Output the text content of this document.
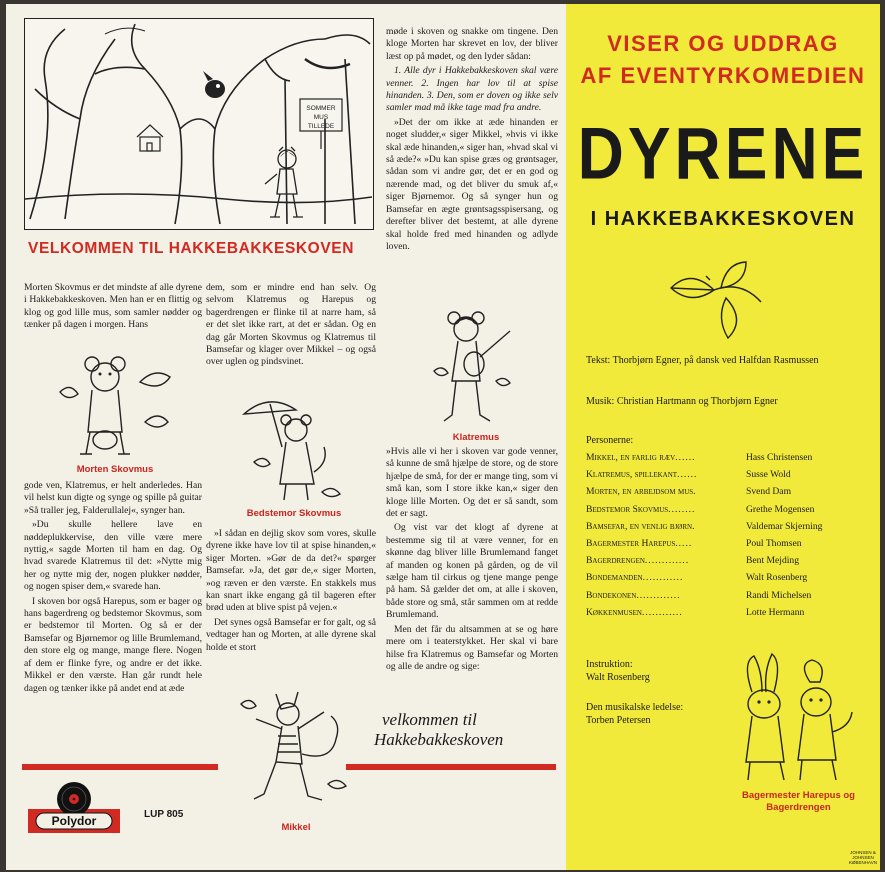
SOMMER
MUS
TILLEDE
VELKOMMEN TIL HAKKEBAKKESKOVEN

Morten Skovmus er det mindste af alle dyrene i Hakkebakkeskoven. Men han er en flittig og klog og god lille mus, som samler nødder og tænker på dagen i morgen. Hans

Morten Skovmus

gode ven, Klatremus, er helt anderledes. Han vil helst kun digte og synge og spille på guitar »Så traller jeg, Falderullalej«, synger han.

»Du skulle hellere lave en nøddeplukkervise, den ville være mere nyttig,« sagde Morten til ham en dag. Og hvad svarede Klatremus til det: »Nytte mig her og nytte mig der, nogen plukker nødder, og nogen spiser dem,« svarede han.

I skoven bor også Harepus, som er bager og hans bagerdreng og bedstemor Skovmus, som er bedstemor til Morten. Og så er der Bamsefar og Bjørnemor og lille Brumlemand, den store elg og mange, mange flere. Nogen af dem er flinke fyre, og andre er det ikke. Mikkel er den værste. Han går rundt hele dagen og tænker ikke på andet end at æde

dem, som er mindre end han selv. Og selvom Klatremus og Harepus og bagerdrengen er flinke til at narre ham, så er det slet ikke rart, at det er sådan. Og en dag går Morten Skovmus og Klatremus til Bamsefar og klager over Mikkel – og også over uglen og pindsvinet.

Bedstemor Skovmus

»I sådan en dejlig skov som vores, skulle dyrene ikke have lov til at spise hinanden,« siger Morten. »Gør de da det?« spørger Bamsefar. »Ja, det gør de,« siger Morten, »og ræven er den værste. En stakkels mus kan snart ikke engang gå til bageren efter brød uden at blive spist på vejen.«

Det synes også Bamsefar er for galt, og så vedtager han og Morten, at alle dyrene skal holde et stort

Mikkel

møde i skoven og snakke om tingene. Den kloge Morten har skrevet en lov, der bliver læst op på mødet, og den lyder sådan:

1. Alle dyr i Hakkebakkeskoven skal være venner. 2. Ingen har lov til at spise hinanden. 3. Den, som er doven og ikke selv samler mad må ikke tage mad fra andre.

»Det der om ikke at æde hinanden er noget sludder,« siger Mikkel, »hvis vi ikke skal æde hinanden,« siger han, »hvad skal vi så æde?« »Du kan spise græs og grøntsager, sådan som vi andre gør, det er en god og nærende mad, og det bliver du smuk af,« siger Bjørnemor. Og så synger hun og Bamsefar en ægte grøntsagsspisersang, og derefter bliver det bestemt, at alle dyrene skal holde fred med hinanden og adlyde loven.

Klatremus

»Hvis alle vi her i skoven var gode venner, så kunne de små hjælpe de store, og de store hjælpe de små, for der er mange ting, som vi små kan, som I store ikke kan,« siger den kloge lille Morten. Og det er så sandt, som det er sagt.

Og vist var det klogt af dyrene at bestemme sig til at være venner, for en skønne dag bliver lille Brumlemand fanget af manden og konen på gården, og de vil sælge ham til cirkus og tjene mange penge på ham. Så gælder det om, at alle i skoven, både store og små, står sammen om at redde Brumlemand.

Men det får du altsammen at se og høre mere om i teaterstykket. Her skal vi bare hilse fra Klatremus og Bamsefar og Morten og alle de andre og sige:

velkommen til
Hakkebakkeskoven
Polydor	LUP 805
VISER OG UDDRAG
AF EVENTYRKOMEDIEN
DYRENE
I HAKKEBAKKESKOVEN
Tekst: Thorbjørn Egner, på dansk ved Halfdan Rasmussen
Musik: Christian Hartmann og Thorbjørn Egner
Personerne:
Mikkel, en farlig ræv ......	Hass Christensen
Klatremus, spillekant ......	Susse Wold
Morten, en arbejdsom mus .	Svend Dam
Bedstemor Skovmus ........	Grethe Mogensen
Bamsefar, en venlig bjørn .	Valdemar Skjerning
Bagermester Harepus .....	Poul Thomsen
Bagerdrengen .............	Bent Mejding
Bondemanden ............	Walt Rosenberg
Bondekonen .............	Randi Michelsen
Køkkenmusen ............	Lotte Hermann
Instruktion:
Walt Rosenberg
Den musikalske ledelse:
Torben Petersen
Bagermester Harepus og Bagerdrengen
JOHNSEN & JOHNSEN KØBENHAVN
